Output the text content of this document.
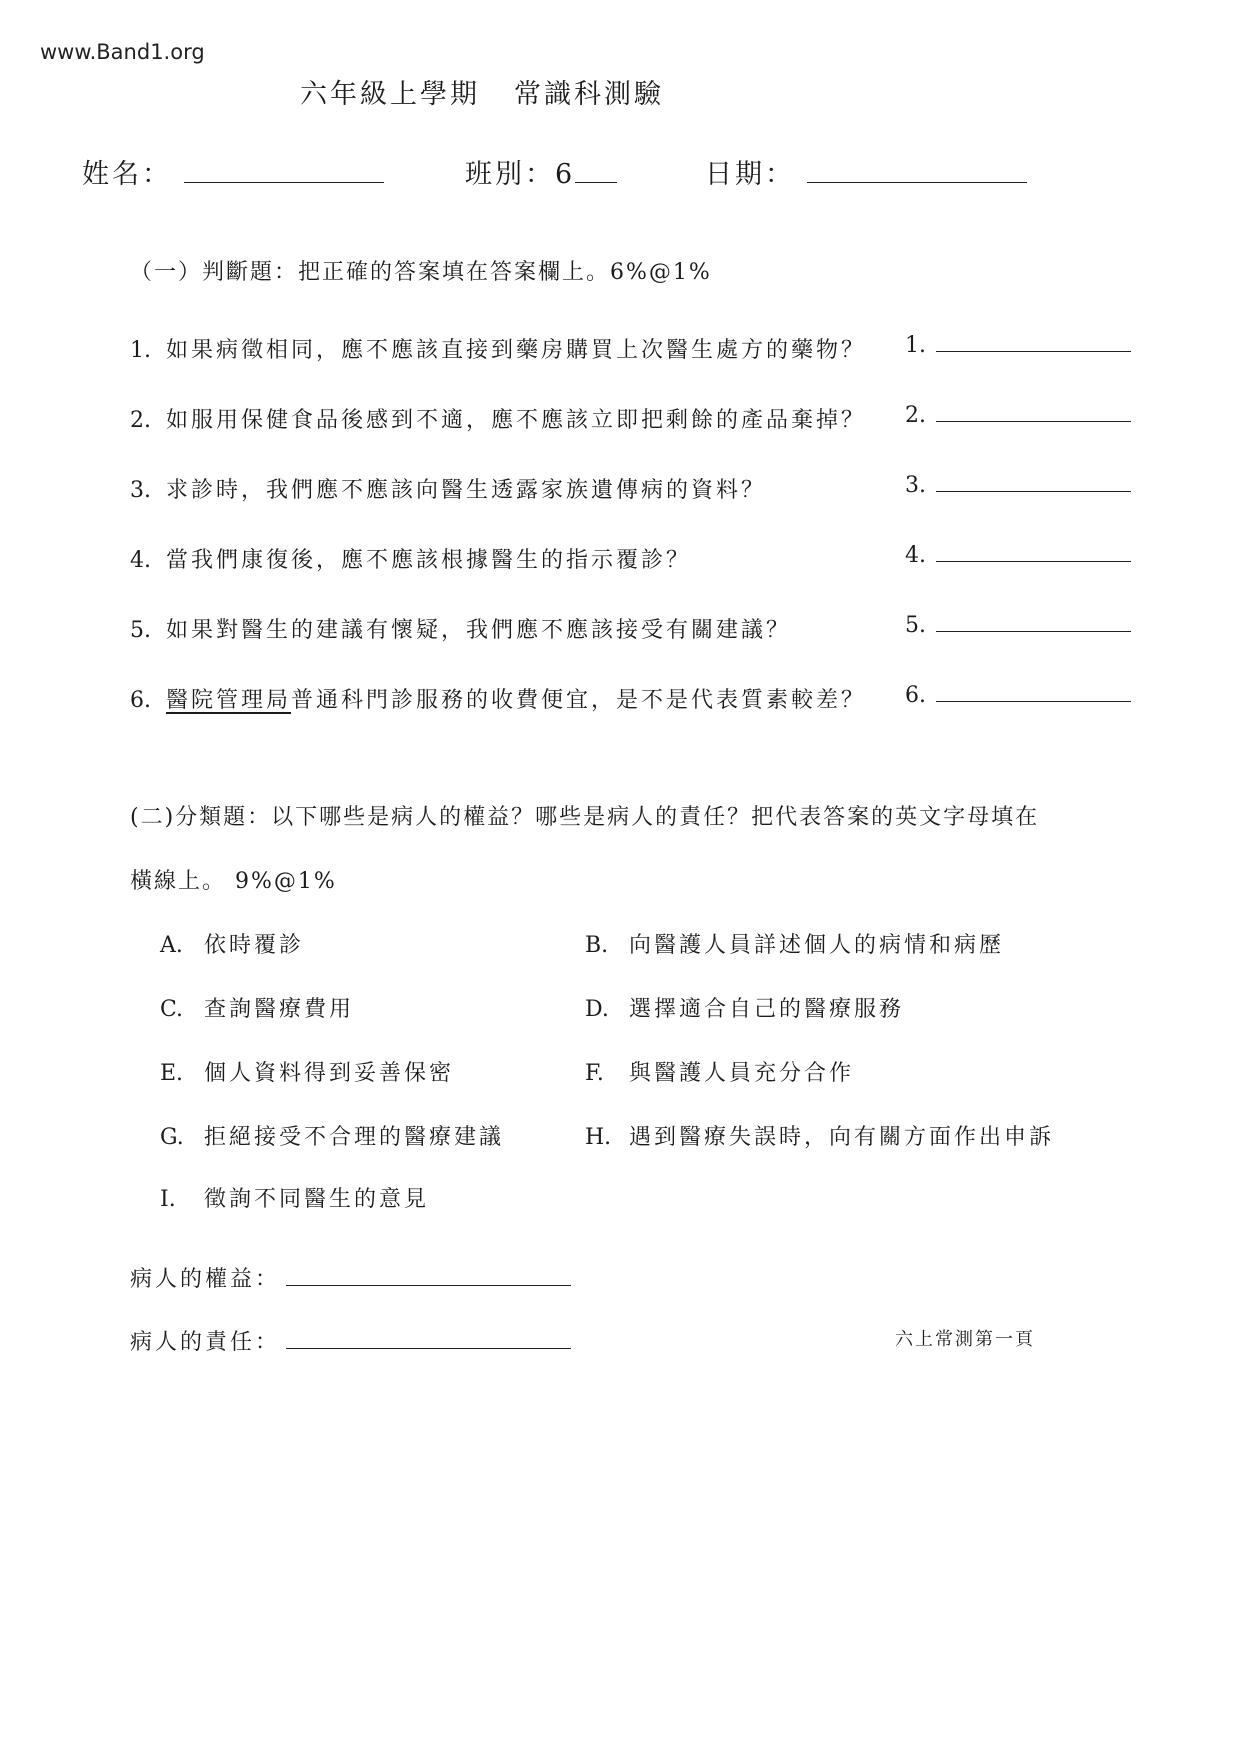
www.Band1.org
六年級上學期 常識科測驗
姓名：	班別：6	日期：
（一）判斷題：把正確的答案填在答案欄上。6%@1%
1. 如果病徵相同，應不應該直接到藥房購買上次醫生處方的藥物？ 1.
2. 如服用保健食品後感到不適，應不應該立即把剩餘的產品棄掉？ 2.
3. 求診時，我們應不應該向醫生透露家族遺傳病的資料？	3.
4. 當我們康復後，應不應該根據醫生的指示覆診？	4.
5. 如果對醫生的建議有懷疑，我們應不應該接受有關建議？	5.
6. 醫院管理局普通科門診服務的收費便宜，是不是代表質素較差？ 6.
(二)分類題：以下哪些是病人的權益？哪些是病人的責任？把代表答案的英文字母填在
橫線上。 9%@1%
A. 依時覆診	B. 向醫護人員詳述個人的病情和病歷
C. 查詢醫療費用	D. 選擇適合自己的醫療服務
E. 個人資料得到妥善保密	F. 與醫護人員充分合作
G. 拒絕接受不合理的醫療建議	H. 遇到醫療失誤時，向有關方面作出申訴
I. 徵詢不同醫生的意見
病人的權益：
病人的責任：	六上常測第一頁
